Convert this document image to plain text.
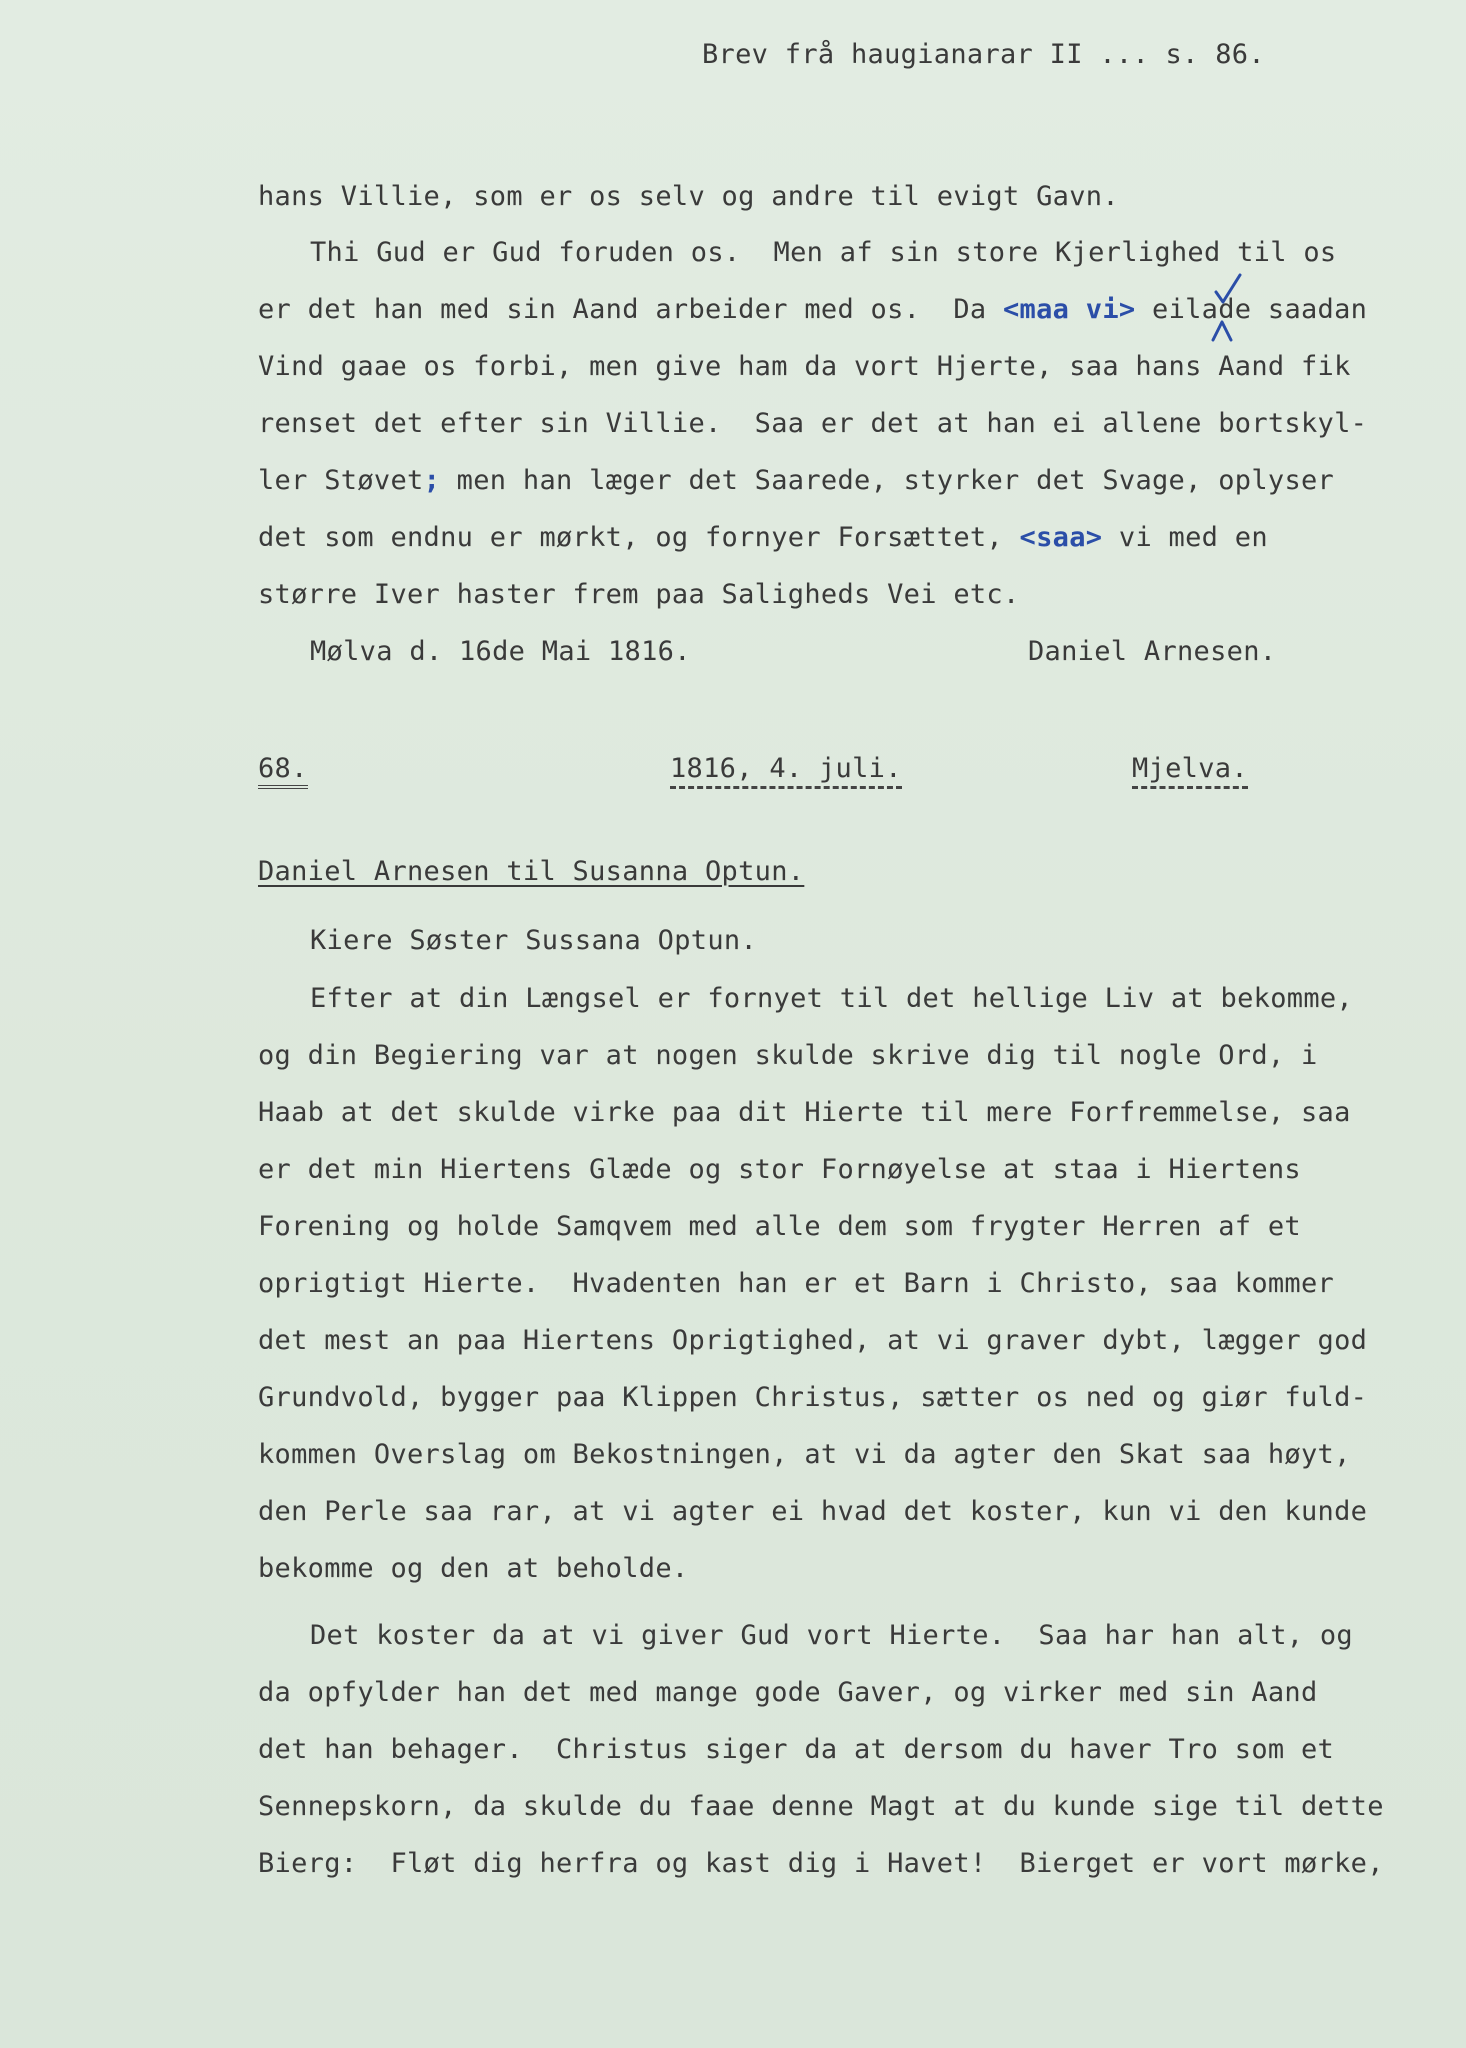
Brev frå haugianarar II ... s. 86.
hans Villie, som er os selv og andre til evigt Gavn.
Thi Gud er Gud foruden os.  Men af sin store Kjerlighed til os
er det han med sin Aand arbeider med os.  Da <maa vi> eilade saadan
Vind gaae os forbi, men give ham da vort Hjerte, saa hans Aand fik
renset det efter sin Villie.  Saa er det at han ei allene bortskyl-
ler Støvet; men han læger det Saarede, styrker det Svage, oplyser
det som endnu er mørkt, og fornyer Forsættet, <saa> vi med en
større Iver haster frem paa Saligheds Vei etc.
Mølva d. 16de Mai 1816.	Daniel Arnesen.
68.	1816, 4. juli.	Mjelva.
Daniel Arnesen til Susanna Optun.
Kiere Søster Sussana Optun.
Efter at din Længsel er fornyet til det hellige Liv at bekomme,
og din Begiering var at nogen skulde skrive dig til nogle Ord, i
Haab at det skulde virke paa dit Hierte til mere Forfremmelse, saa
er det min Hiertens Glæde og stor Fornøyelse at staa i Hiertens
Forening og holde Samqvem med alle dem som frygter Herren af et
oprigtigt Hierte.  Hvadenten han er et Barn i Christo, saa kommer
det mest an paa Hiertens Oprigtighed, at vi graver dybt, lægger god
Grundvold, bygger paa Klippen Christus, sætter os ned og giør fuld-
kommen Overslag om Bekostningen, at vi da agter den Skat saa høyt,
den Perle saa rar, at vi agter ei hvad det koster, kun vi den kunde
bekomme og den at beholde.
Det koster da at vi giver Gud vort Hierte.  Saa har han alt, og
da opfylder han det med mange gode Gaver, og virker med sin Aand
det han behager.  Christus siger da at dersom du haver Tro som et
Sennepskorn, da skulde du faae denne Magt at du kunde sige til dette
Bierg:  Fløt dig herfra og kast dig i Havet!  Bierget er vort mørke,
